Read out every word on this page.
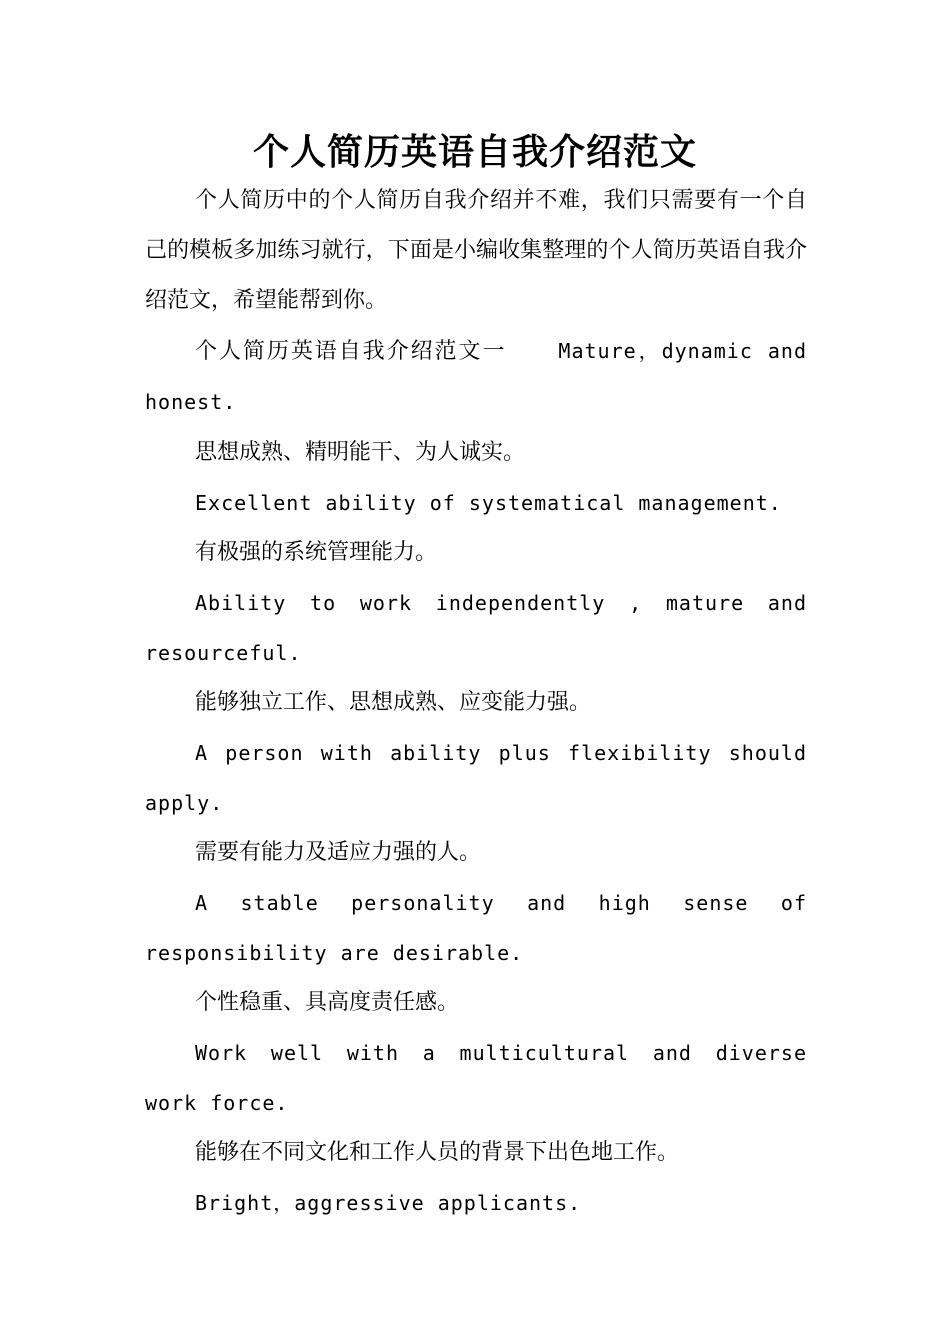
个人简历英语自我介绍范文

个人简历中的个人简历自我介绍并不难，我们只需要有一个自己的模板多加练习就行，下面是小编收集整理的个人简历英语自我介绍范文，希望能帮到你。

个人简历英语自我介绍范文一	Mature，dynamic and honest.

思想成熟、精明能干、为人诚实。

Excellent ability of systematical management.

有极强的系统管理能力。

Ability to work independently , mature and resourceful.

能够独立工作、思想成熟、应变能力强。

A person with ability plus flexibility should apply.

需要有能力及适应力强的人。

A stable personality and high sense of responsibility are desirable.

个性稳重、具高度责任感。

Work well with a multicultural and diverse work force.

能够在不同文化和工作人员的背景下出色地工作。

Bright，aggressive applicants.
